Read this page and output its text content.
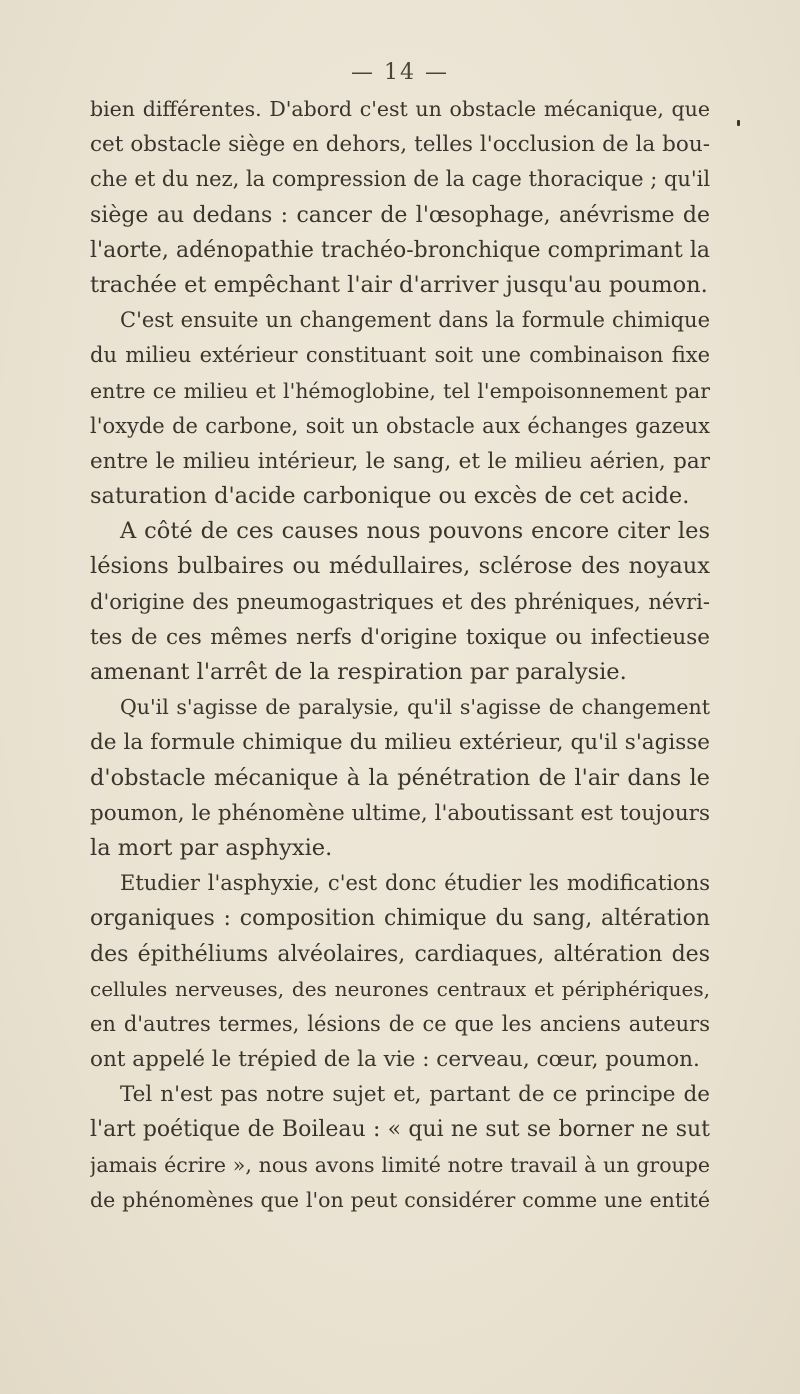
— 14 —
bien différentes. D'abord c'est un obstacle mécanique, que
cet obstacle siège en dehors, telles l'occlusion de la bou-
che et du nez, la compression de la cage thoracique ; qu'il
siège au dedans : cancer de l'œsophage, anévrisme de
l'aorte, adénopathie trachéo-bronchique comprimant la
trachée et empêchant l'air d'arriver jusqu'au poumon.
C'est ensuite un changement dans la formule chimique
du milieu extérieur constituant soit une combinaison fixe
entre ce milieu et l'hémoglobine, tel l'empoisonnement par
l'oxyde de carbone, soit un obstacle aux échanges gazeux
entre le milieu intérieur, le sang, et le milieu aérien, par
saturation d'acide carbonique ou excès de cet acide.
A côté de ces causes nous pouvons encore citer les
lésions bulbaires ou médullaires, sclérose des noyaux
d'origine des pneumogastriques et des phréniques, névri-
tes de ces mêmes nerfs d'origine toxique ou infectieuse
amenant l'arrêt de la respiration par paralysie.
Qu'il s'agisse de paralysie, qu'il s'agisse de changement
de la formule chimique du milieu extérieur, qu'il s'agisse
d'obstacle mécanique à la pénétration de l'air dans le
poumon, le phénomène ultime, l'aboutissant est toujours
la mort par asphyxie.
Etudier l'asphyxie, c'est donc étudier les modifications
organiques : composition chimique du sang, altération
des épithéliums alvéolaires, cardiaques, altération des
cellules nerveuses, des neurones centraux et périphériques,
en d'autres termes, lésions de ce que les anciens auteurs
ont appelé le trépied de la vie : cerveau, cœur, poumon.
Tel n'est pas notre sujet et, partant de ce principe de
l'art poétique de Boileau : « qui ne sut se borner ne sut
jamais écrire », nous avons limité notre travail à un groupe
de phénomènes que l'on peut considérer comme une entité
